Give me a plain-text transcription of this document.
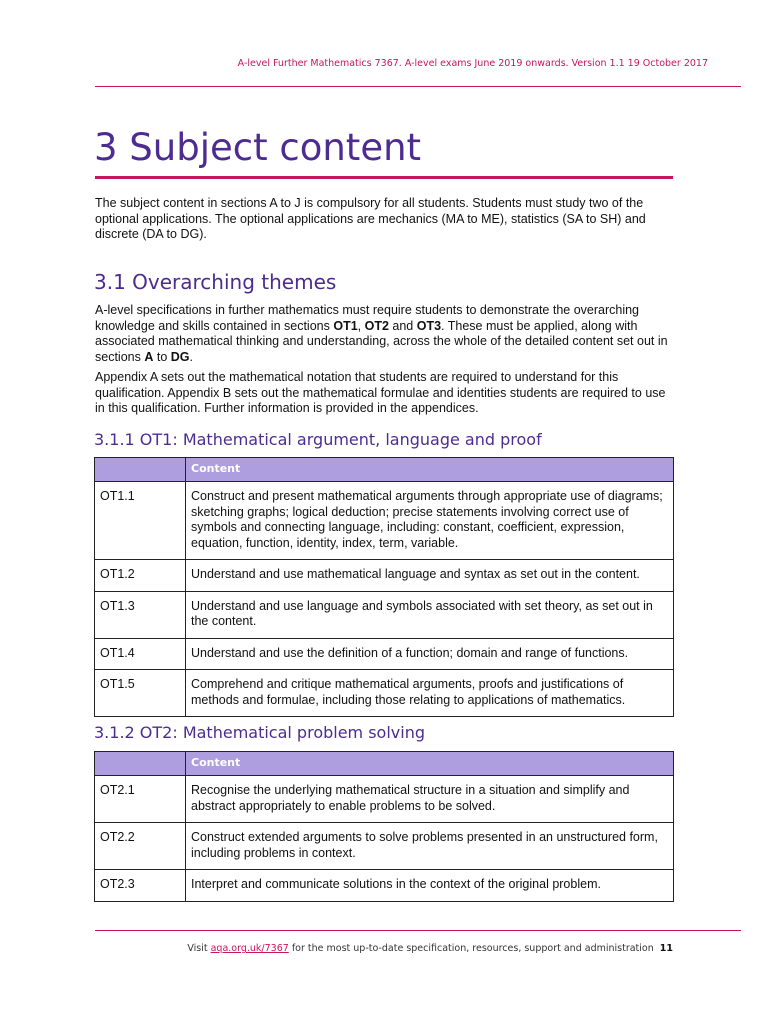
A-level Further Mathematics 7367. A-level exams June 2019 onwards. Version 1.1 19 October 2017
3 Subject content

The subject content in sections A to J is compulsory for all students. Students must study two of the optional applications. The optional applications are mechanics (MA to ME), statistics (SA to SH) and discrete (DA to DG).

3.1 Overarching themes

A-level specifications in further mathematics must require students to demonstrate the overarching knowledge and skills contained in sections OT1, OT2 and OT3. These must be applied, along with associated mathematical thinking and understanding, across the whole of the detailed content set out in sections A to DG.

Appendix A sets out the mathematical notation that students are required to understand for this qualification. Appendix B sets out the mathematical formulae and identities students are required to use in this qualification. Further information is provided in the appendices.

3.1.1 OT1: Mathematical argument, language and proof
	Content
OT1.1	Construct and present mathematical arguments through appropriate use of diagrams; sketching graphs; logical deduction; precise statements involving correct use of symbols and connecting language, including: constant, coefficient, expression, equation, function, identity, index, term, variable.
OT1.2	Understand and use mathematical language and syntax as set out in the content.
OT1.3	Understand and use language and symbols associated with set theory, as set out in the content.
OT1.4	Understand and use the definition of a function; domain and range of functions.
OT1.5	Comprehend and critique mathematical arguments, proofs and justifications of methods and formulae, including those relating to applications of mathematics.
3.1.2 OT2: Mathematical problem solving
	Content
OT2.1	Recognise the underlying mathematical structure in a situation and simplify and abstract appropriately to enable problems to be solved.
OT2.2	Construct extended arguments to solve problems presented in an unstructured form, including problems in context.
OT2.3	Interpret and communicate solutions in the context of the original problem.
Visit aqa.org.uk/7367 for the most up-to-date specification, resources, support and administration 11
